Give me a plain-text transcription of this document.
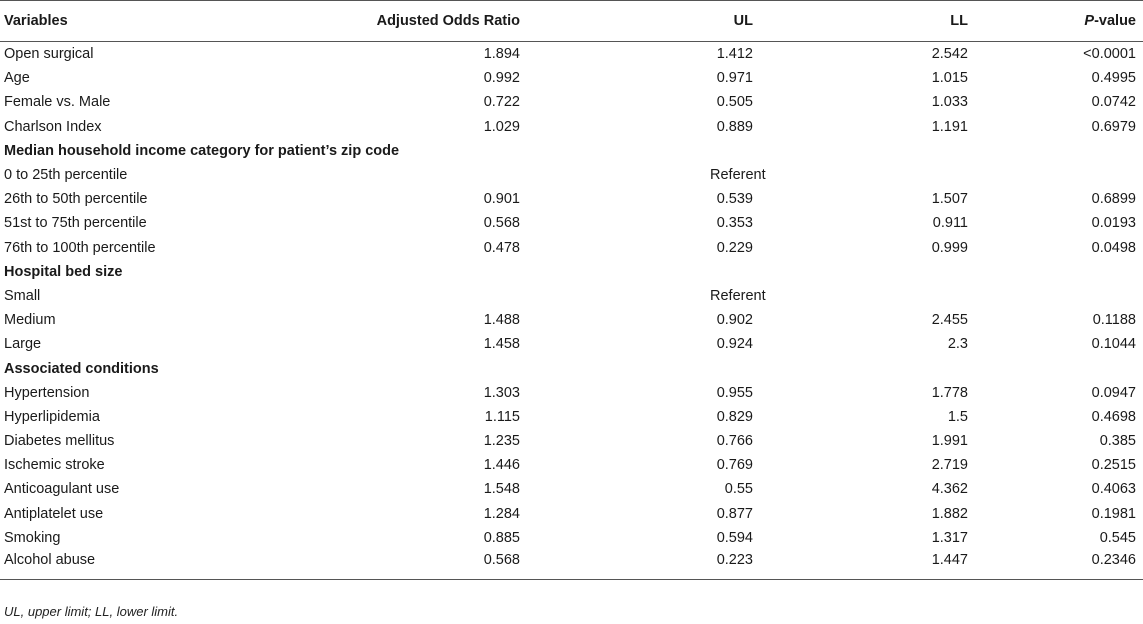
Variables	Adjusted Odds Ratio	UL	LL	P-value
Open surgical	1.894	1.412	2.542	<0.0001
Age	0.992	0.971	1.015	0.4995
Female vs. Male	0.722	0.505	1.033	0.0742
Charlson Index	1.029	0.889	1.191	0.6979
Median household income category for patient’s zip code				
0 to 25th percentile		Referent		
26th to 50th percentile	0.901	0.539	1.507	0.6899
51st to 75th percentile	0.568	0.353	0.911	0.0193
76th to 100th percentile	0.478	0.229	0.999	0.0498
Hospital bed size				
Small		Referent		
Medium	1.488	0.902	2.455	0.1188
Large	1.458	0.924	2.3	0.1044
Associated conditions				
Hypertension	1.303	0.955	1.778	0.0947
Hyperlipidemia	1.115	0.829	1.5	0.4698
Diabetes mellitus	1.235	0.766	1.991	0.385
Ischemic stroke	1.446	0.769	2.719	0.2515
Anticoagulant use	1.548	0.55	4.362	0.4063
Antiplatelet use	1.284	0.877	1.882	0.1981
Smoking	0.885	0.594	1.317	0.545
Alcohol abuse	0.568	0.223	1.447	0.2346
UL, upper limit; LL, lower limit.
